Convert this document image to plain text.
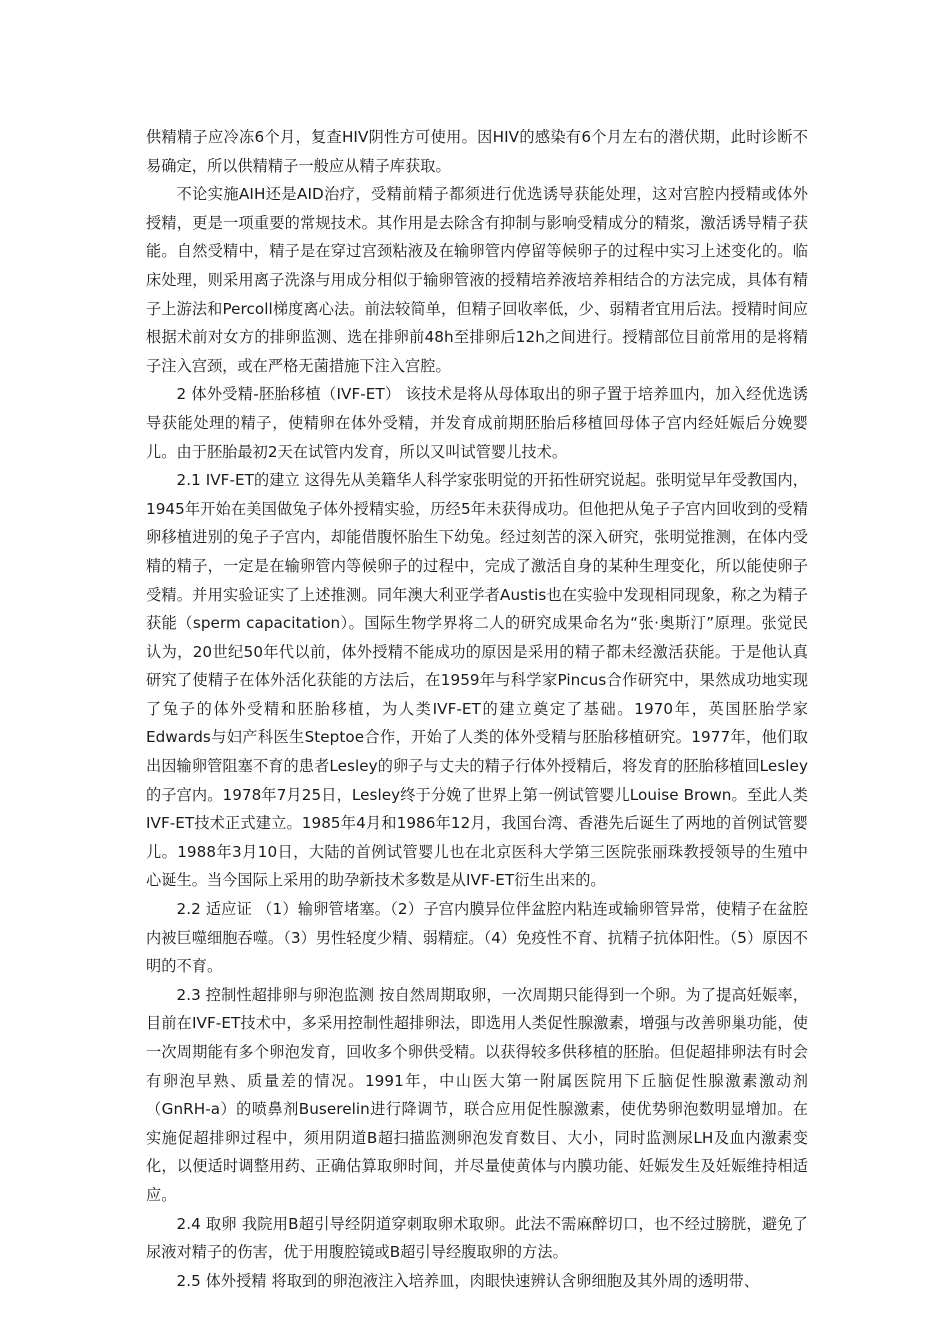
供精精子应冷冻6个月，复查HIV阴性方可使用。因HIV的感染有6个月左右的潜伏期，此时诊断不易确定，所以供精精子一般应从精子库获取。

不论实施AIH还是AID治疗，受精前精子都须进行优选诱导获能处理，这对宫腔内授精或体外授精，更是一项重要的常规技术。其作用是去除含有抑制与影响受精成分的精浆，激活诱导精子获能。自然受精中，精子是在穿过宫颈粘液及在输卵管内停留等候卵子的过程中实习上述变化的。临床处理，则采用离子洗涤与用成分相似于输卵管液的授精培养液培养相结合的方法完成，具体有精子上游法和Percoll梯度离心法。前法较简单，但精子回收率低，少、弱精者宜用后法。授精时间应根据术前对女方的排卵监测、选在排卵前48h至排卵后12h之间进行。授精部位目前常用的是将精子注入宫颈，或在严格无菌措施下注入宫腔。

2 体外受精-胚胎移植（IVF-ET） 该技术是将从母体取出的卵子置于培养皿内，加入经优选诱导获能处理的精子，使精卵在体外受精，并发育成前期胚胎后移植回母体子宫内经妊娠后分娩婴儿。由于胚胎最初2天在试管内发育，所以又叫试管婴儿技术。

2.1 IVF-ET的建立 这得先从美籍华人科学家张明觉的开拓性研究说起。张明觉早年受教国内，1945年开始在美国做兔子体外授精实验，历经5年未获得成功。但他把从兔子子宫内回收到的受精卵移植进别的兔子子宫内，却能借腹怀胎生下幼兔。经过刻苦的深入研究，张明觉推测，在体内受精的精子，一定是在输卵管内等候卵子的过程中，完成了激活自身的某种生理变化，所以能使卵子受精。并用实验证实了上述推测。同年澳大利亚学者Austis也在实验中发现相同现象，称之为精子获能（sperm capacitation）。国际生物学界将二人的研究成果命名为“张·奥斯汀”原理。张觉民认为，20世纪50年代以前，体外授精不能成功的原因是采用的精子都未经激活获能。于是他认真研究了使精子在体外活化获能的方法后，在1959年与科学家Pincus合作研究中，果然成功地实现了兔子的体外受精和胚胎移植，为人类IVF-ET的建立奠定了基础。1970年，英国胚胎学家Edwards与妇产科医生Steptoe合作，开始了人类的体外受精与胚胎移植研究。1977年，他们取出因输卵管阻塞不育的患者Lesley的卵子与丈夫的精子行体外授精后，将发育的胚胎移植回Lesley的子宫内。1978年7月25日，Lesley终于分娩了世界上第一例试管婴儿Louise Brown。至此人类IVF-ET技术正式建立。1985年4月和1986年12月，我国台湾、香港先后诞生了两地的首例试管婴儿。1988年3月10日，大陆的首例试管婴儿也在北京医科大学第三医院张丽珠教授领导的生殖中心诞生。当今国际上采用的助孕新技术多数是从IVF-ET衍生出来的。

2.2 适应证 （1）输卵管堵塞。（2）子宫内膜异位伴盆腔内粘连或输卵管异常，使精子在盆腔内被巨噬细胞吞噬。（3）男性轻度少精、弱精症。（4）免疫性不育、抗精子抗体阳性。（5）原因不明的不育。

2.3 控制性超排卵与卵泡监测 按自然周期取卵，一次周期只能得到一个卵。为了提高妊娠率，目前在IVF-ET技术中，多采用控制性超排卵法，即选用人类促性腺激素，增强与改善卵巢功能，使一次周期能有多个卵泡发育，回收多个卵供受精。以获得较多供移植的胚胎。但促超排卵法有时会有卵泡早熟、质量差的情况。1991年，中山医大第一附属医院用下丘脑促性腺激素激动剂（GnRH-a）的喷鼻剂Buserelin进行降调节，联合应用促性腺激素，使优势卵泡数明显增加。在实施促超排卵过程中，须用阴道B超扫描监测卵泡发育数目、大小，同时监测尿LH及血内激素变化，以便适时调整用药、正确估算取卵时间，并尽量使黄体与内膜功能、妊娠发生及妊娠维持相适应。

2.4 取卵 我院用B超引导经阴道穿刺取卵术取卵。此法不需麻醉切口，也不经过膀胱，避免了尿液对精子的伤害，优于用腹腔镜或B超引导经腹取卵的方法。

2.5 体外授精 将取到的卵泡液注入培养皿，肉眼快速辨认含卵细胞及其外周的透明带、
